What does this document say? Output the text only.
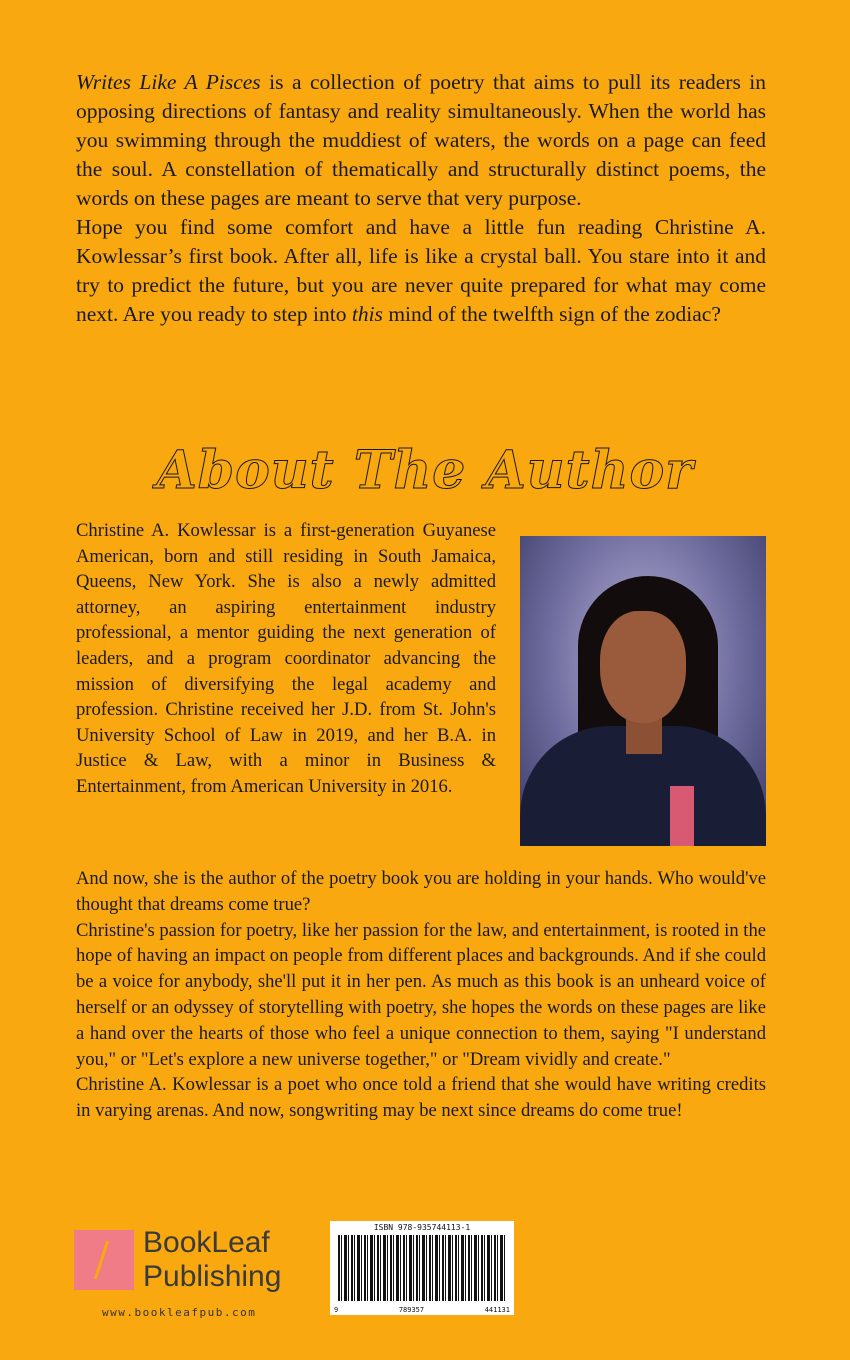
Writes Like A Pisces is a collection of poetry that aims to pull its readers in opposing directions of fantasy and reality simultaneously. When the world has you swimming through the muddiest of waters, the words on a page can feed the soul. A constellation of thematically and structurally distinct poems, the words on these pages are meant to serve that very purpose.

Hope you find some comfort and have a little fun reading Christine A. Kowlessar’s first book. After all, life is like a crystal ball. You stare into it and try to predict the future, but you are never quite prepared for what may come next. Are you ready to step into this mind of the twelfth sign of the zodiac?

About The Author

Christine A. Kowlessar is a first-generation Guyanese American, born and still residing in South Jamaica, Queens, New York. She is also a newly admitted attorney, an aspiring entertainment industry professional, a mentor guiding the next generation of leaders, and a program coordinator advancing the mission of diversifying the legal academy and profession. Christine received her J.D. from St. John's University School of Law in 2019, and her B.A. in Justice & Law, with a minor in Business & Entertainment, from American University in 2016.

And now, she is the author of the poetry book you are holding in your hands. Who would've thought that dreams come true?

Christine's passion for poetry, like her passion for the law, and entertainment, is rooted in the hope of having an impact on people from different places and backgrounds. And if she could be a voice for anybody, she'll put it in her pen. As much as this book is an unheard voice of herself or an odyssey of storytelling with poetry, she hopes the words on these pages are like a hand over the hearts of those who feel a unique connection to them, saying "I understand you," or "Let's explore a new universe together," or "Dream vividly and create."

Christine A. Kowlessar is a poet who once told a friend that she would have writing credits in varying arenas. And now, songwriting may be next since dreams do come true!

BookLeaf
Publishing
www.bookleafpub.com
ISBN 978-935744113-1
9	789357	441131
